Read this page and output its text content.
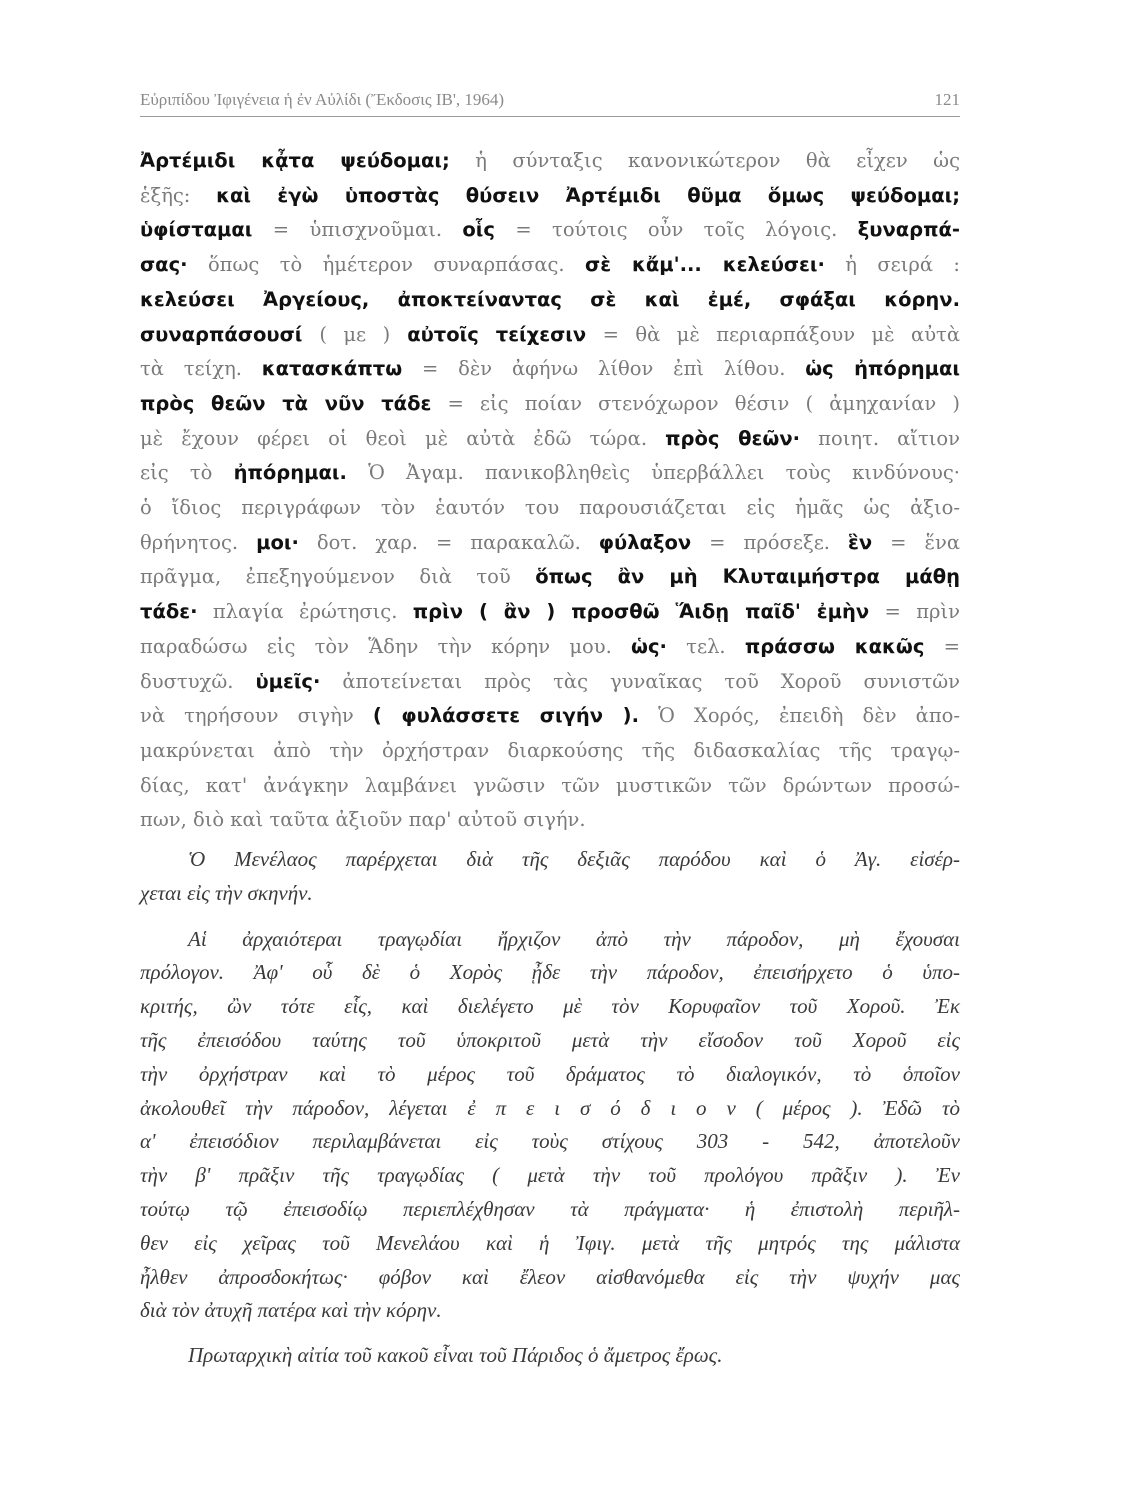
Εὐριπίδου Ἰφιγένεια ἡ ἐν Αὐλίδι (Ἔκδοσις ΙΒ', 1964)	121
Ἀρτέμιδι κᾆτα ψεύδομαι; ἡ σύνταξις κανονικώτερον θὰ εἶχεν ὡς
ἑξῆς: καὶ ἐγὼ ὑποστὰς θύσειν Ἀρτέμιδι θῦμα ὅμως ψεύδομαι;
ὑφίσταμαι = ὑπισχνοῦμαι. οἷς = τούτοις οὖν τοῖς λόγοις. ξυναρπά-
σας· ὅπως τὸ ἡμέτερον συναρπάσας. σὲ κἄμ'... κελεύσει· ἡ σειρά :
κελεύσει Ἀργείους, ἀποκτείναντας σὲ καὶ ἐμέ, σφάξαι κόρην.
συναρπάσουσί ( με ) αὐτοῖς τείχεσιν = θὰ μὲ περιαρπάξουν μὲ αὐτὰ
τὰ τείχη. κατασκάπτω = δὲν ἀφήνω λίθον ἐπὶ λίθου. ὡς ἠπόρημαι
πρὸς θεῶν τὰ νῦν τάδε = εἰς ποίαν στενόχωρον θέσιν ( ἀμηχανίαν )
μὲ ἔχουν φέρει οἱ θεοὶ μὲ αὐτὰ ἐδῶ τώρα. πρὸς θεῶν· ποιητ. αἴτιον
εἰς τὸ ἠπόρημαι. Ὁ Ἀγαμ. πανικοβληθεὶς ὑπερβάλλει τοὺς κινδύνους·
ὁ ἴδιος περιγράφων τὸν ἑαυτόν του παρουσιάζεται εἰς ἡμᾶς ὡς ἀξιο-
θρήνητος. μοι· δοτ. χαρ. = παρακαλῶ. φύλαξον = πρόσεξε. ἓν = ἕνα
πρᾶγμα, ἐπεξηγούμενον διὰ τοῦ ὅπως ἂν μὴ Κλυταιμήστρα μάθῃ
τάδε· πλαγία ἐρώτησις. πρὶν ( ἂν ) προσθῶ Ἅιδῃ παῖδ' ἐμὴν = πρὶν
παραδώσω εἰς τὸν Ἅδην τὴν κόρην μου. ὡς· τελ. πράσσω κακῶς =
δυστυχῶ. ὑμεῖς· ἀποτείνεται πρὸς τὰς γυναῖκας τοῦ Χοροῦ συνιστῶν
νὰ τηρήσουν σιγὴν ( φυλάσσετε σιγήν ). Ὁ Χορός, ἐπειδὴ δὲν ἀπο-
μακρύνεται ἀπὸ τὴν ὀρχήστραν διαρκούσης τῆς διδασκαλίας τῆς τραγῳ-
δίας, κατ' ἀνάγκην λαμβάνει γνῶσιν τῶν μυστικῶν τῶν δρώντων προσώ-
πων, διὸ καὶ ταῦτα ἀξιοῦν παρ' αὐτοῦ σιγήν.
Ὁ Μενέλαος παρέρχεται διὰ τῆς δεξιᾶς παρόδου καὶ ὁ Ἀγ. εἰσέρ-
χεται εἰς τὴν σκηνήν.
Αἱ ἀρχαιότεραι τραγῳδίαι ἤρχιζον ἀπὸ τὴν πάροδον, μὴ ἔχουσαι
πρόλογον. Ἀφ' οὗ δὲ ὁ Χορὸς ᾖδε τὴν πάροδον, ἐπεισήρχετο ὁ ὑπο-
κριτής, ὢν τότε εἷς, καὶ διελέγετο μὲ τὸν Κορυφαῖον τοῦ Χοροῦ. Ἐκ
τῆς ἐπεισόδου ταύτης τοῦ ὑποκριτοῦ μετὰ τὴν εἴσοδον τοῦ Χοροῦ εἰς
τὴν ὀρχήστραν καὶ τὸ μέρος τοῦ δράματος τὸ διαλογικόν, τὸ ὁποῖον
ἀκολουθεῖ τὴν πάροδον, λέγεται ἐ π ε ι σ ό δ ι ο ν ( μέρος ). Ἐδῶ τὸ
α' ἐπεισόδιον περιλαμβάνεται εἰς τοὺς στίχους 303 - 542, ἀποτελοῦν
τὴν β' πρᾶξιν τῆς τραγῳδίας ( μετὰ τὴν τοῦ προλόγου πρᾶξιν ). Ἐν
τούτῳ τῷ ἐπεισοδίῳ περιεπλέχθησαν τὰ πράγματα· ἡ ἐπιστολὴ περιῆλ-
θεν εἰς χεῖρας τοῦ Μενελάου καὶ ἡ Ἰφιγ. μετὰ τῆς μητρός της μάλιστα
ἦλθεν ἀπροσδοκήτως· φόβον καὶ ἔλεον αἰσθανόμεθα εἰς τὴν ψυχήν μας
διὰ τὸν ἀτυχῆ πατέρα καὶ τὴν κόρην.
Πρωταρχικὴ αἰτία τοῦ κακοῦ εἶναι τοῦ Πάριδος ὁ ἄμετρος ἔρως.
